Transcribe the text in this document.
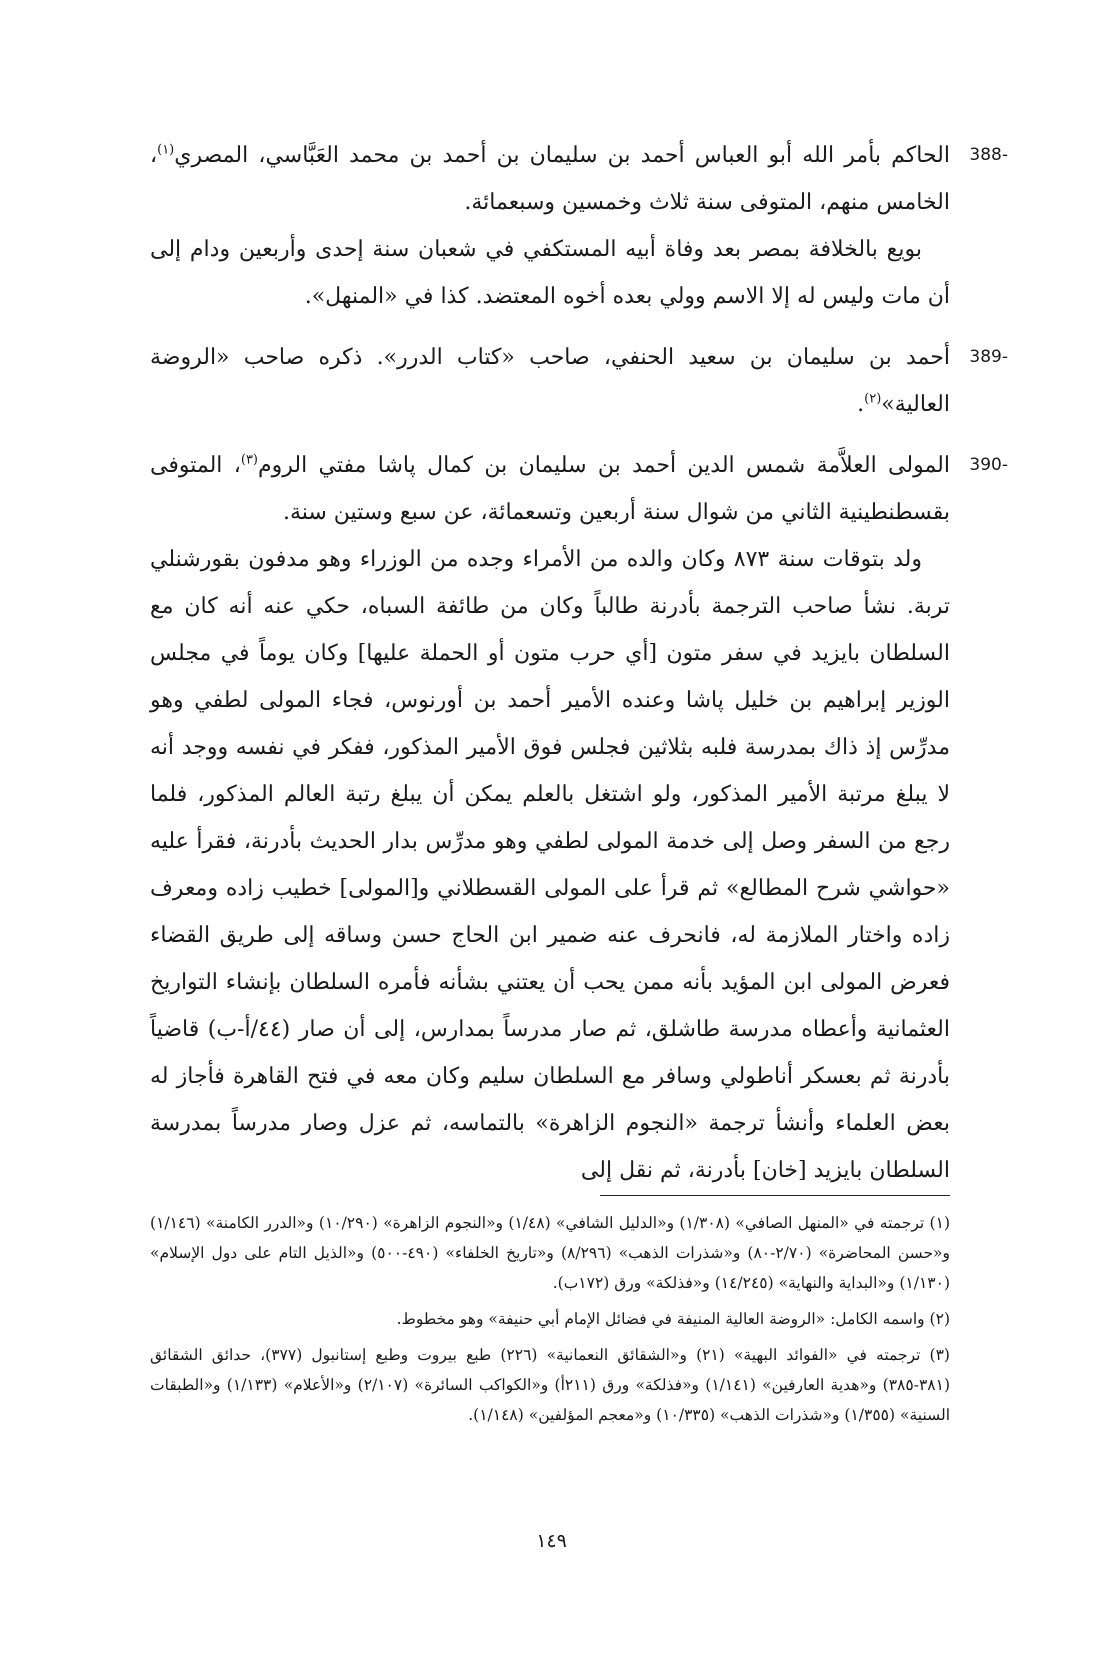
388-

الحاكم بأمر الله أبو العباس أحمد بن سليمان بن أحمد بن محمد العَبَّاسي، المصري$^{(١)}$، الخامس منهم، المتوفى سنة ثلاث وخمسين وسبعمائة.

بويع بالخلافة بمصر بعد وفاة أبيه المستكفي في شعبان سنة إحدى وأربعين ودام إلى أن مات وليس له إلا الاسم وولي بعده أخوه المعتضد. كذا في «المنهل».

389-

أحمد بن سليمان بن سعيد الحنفي، صاحب «كتاب الدرر». ذكره صاحب «الروضة العالية»$^{(٢)}$.

390-

المولى العلاَّمة شمس الدين أحمد بن سليمان بن كمال پاشا مفتي الروم$^{(٣)}$، المتوفى بقسطنطينية الثاني من شوال سنة أربعين وتسعمائة، عن سبع وستين سنة.

ولد بتوقات سنة ٨٧٣ وكان والده من الأمراء وجده من الوزراء وهو مدفون بقورشنلي تربة. نشأ صاحب الترجمة بأدرنة طالباً وكان من طائفة السباه، حكي عنه أنه كان مع السلطان بايزيد في سفر متون [أي حرب متون أو الحملة عليها] وكان يوماً في مجلس الوزير إبراهيم بن خليل پاشا وعنده الأمير أحمد بن أورنوس، فجاء المولى لطفي وهو مدرِّس إذ ذاك بمدرسة فلبه بثلاثين فجلس فوق الأمير المذكور، ففكر في نفسه ووجد أنه لا يبلغ مرتبة الأمير المذكور، ولو اشتغل بالعلم يمكن أن يبلغ رتبة العالم المذكور، فلما رجع من السفر وصل إلى خدمة المولى لطفي وهو مدرِّس بدار الحديث بأدرنة، فقرأ عليه «حواشي شرح المطالع» ثم قرأ على المولى القسطلاني و[المولى] خطيب زاده ومعرف زاده واختار الملازمة له، فانحرف عنه ضمير ابن الحاج حسن وساقه إلى طريق القضاء فعرض المولى ابن المؤيد بأنه ممن يحب أن يعتني بشأنه فأمره السلطان بإنشاء التواريخ العثمانية وأعطاه مدرسة طاشلق، ثم صار مدرساً بمدارس، إلى أن صار (٤٤/أ-ب) قاضياً بأدرنة ثم بعسكر أناطولي وسافر مع السلطان سليم وكان معه في فتح القاهرة فأجاز له بعض العلماء وأنشأ ترجمة «النجوم الزاهرة» بالتماسه، ثم عزل وصار مدرساً بمدرسة السلطان بايزيد [خان] بأدرنة، ثم نقل إلى

(١) ترجمته في «المنهل الصافي» (١/٣٠٨) و«الدليل الشافي» (١/٤٨) و«النجوم الزاهرة» (١٠/٢٩٠) و«الدرر الكامنة» (١/١٤٦) و«حسن المحاضرة» (٢/٧٠-٨٠) و«شذرات الذهب» (٨/٢٩٦) و«تاريخ الخلفاء» (٤٩٠-٥٠٠) و«الذيل التام على دول الإسلام» (١/١٣٠) و«البداية والنهاية» (١٤/٢٤٥) و«فذلكة» ورق (١٧٢ب).

(٢) واسمه الكامل: «الروضة العالية المنيفة في فضائل الإمام أبي حنيفة» وهو مخطوط.

(٣) ترجمته في «الفوائد البهية» (٢١) و«الشقائق النعمانية» (٢٢٦) طبع بيروت وطبع إستانبول (٣٧٧)، حدائق الشقائق (٣٨١-٣٨٥) و«هدية العارفين» (١/١٤١) و«فذلكة» ورق (٢١١أ) و«الكواكب السائرة» (٢/١٠٧) و«الأعلام» (١/١٣٣) و«الطبقات السنية» (١/٣٥٥) و«شذرات الذهب» (١٠/٣٣٥) و«معجم المؤلفين» (١/١٤٨).

١٤٩
